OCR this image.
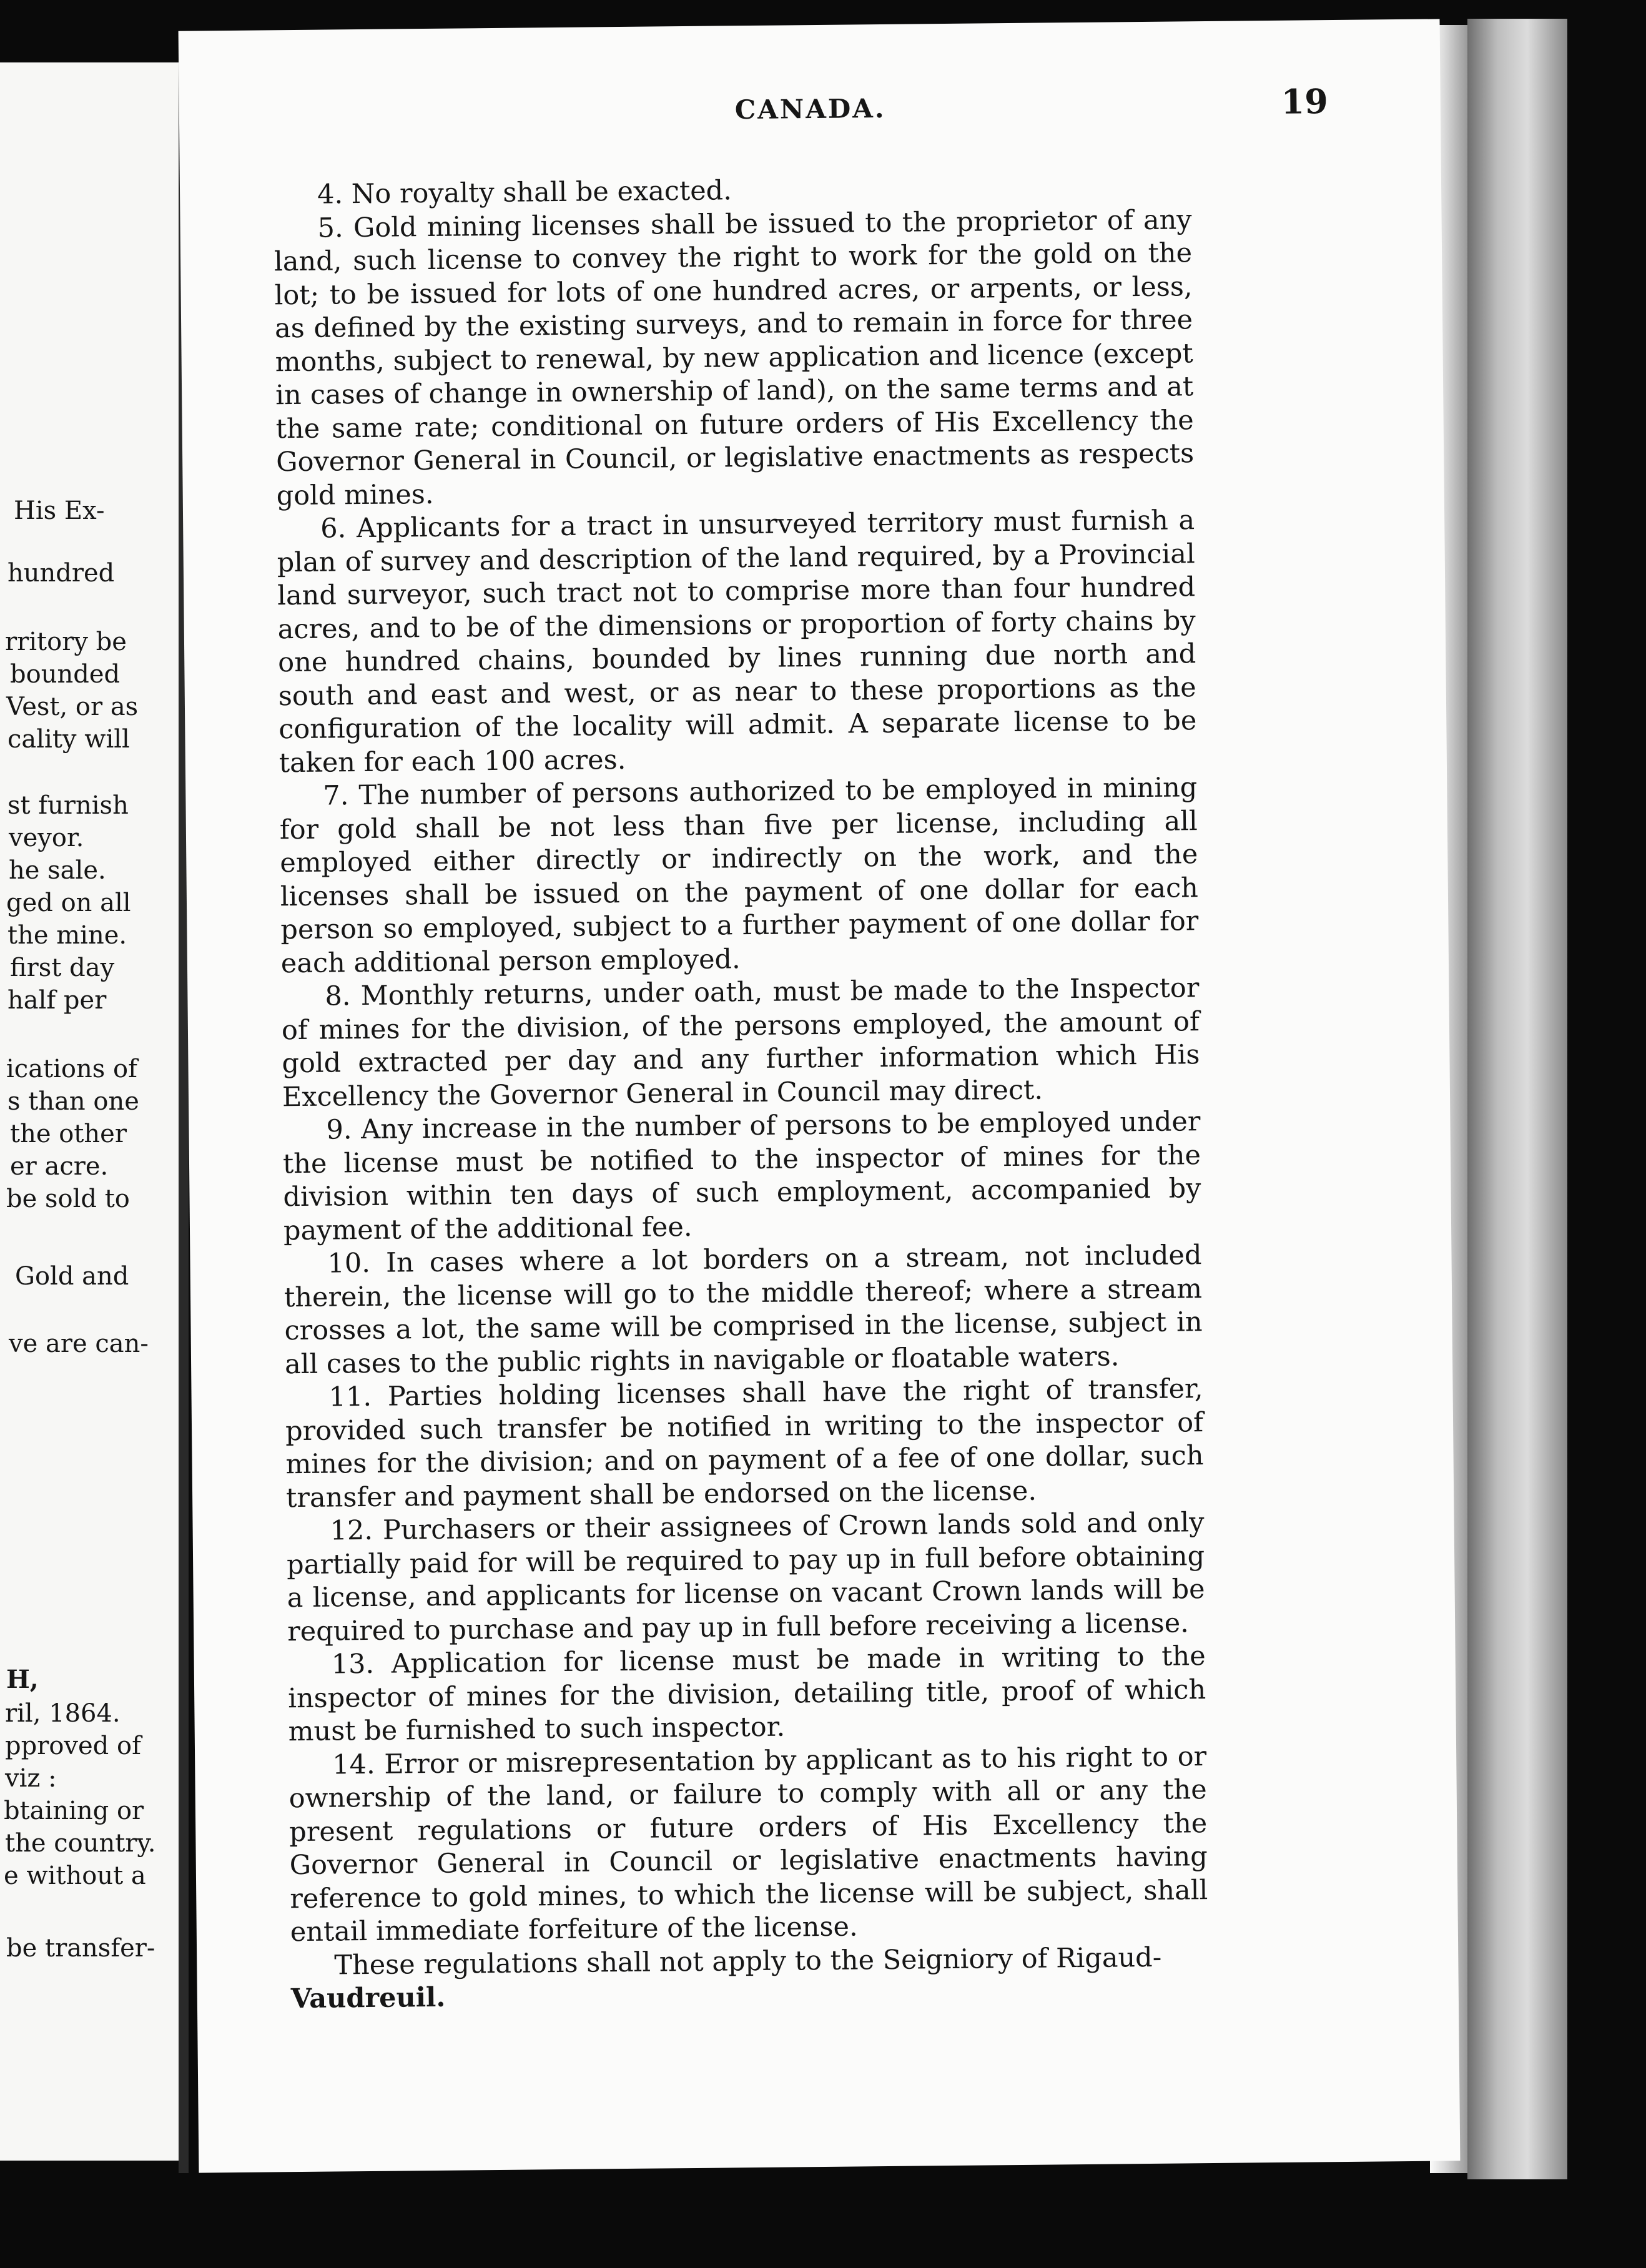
His Ex-
hundred
rritory be
bounded
Vest, or as
cality will
st furnish
veyor.
he sale.
ged on all
the mine.
first day
half per
ications of
s than one
the other
er acre.
be sold to
Gold and
ve are can-
H,
ril, 1864.
pproved of
viz :
btaining or
the country.
e without a
be transfer-
CANADA.	19

4. No royalty shall be exacted.

5. Gold mining licenses shall be issued to the proprietor of any land, such license to convey the right to work for the gold on the lot; to be issued for lots of one hundred acres, or arpents, or less, as defined by the existing surveys, and to remain in force for three months, subject to renewal, by new application and licence (except in cases of change in ownership of land), on the same terms and at the same rate; conditional on future orders of His Excellency the Governor General in Council, or legislative enactments as respects gold mines.

6. Applicants for a tract in unsurveyed territory must furnish a plan of survey and description of the land required, by a Provincial land surveyor, such tract not to comprise more than four hundred acres, and to be of the dimensions or proportion of forty chains by one hundred chains, bounded by lines running due north and south and east and west, or as near to these proportions as the configuration of the locality will admit. A separate license to be taken for each 100 acres.

7. The number of persons authorized to be employed in mining for gold shall be not less than five per license, including all employed either directly or indirectly on the work, and the licenses shall be issued on the payment of one dollar for each person so employed, subject to a further payment of one dollar for each additional person employed.

8. Monthly returns, under oath, must be made to the Inspector of mines for the division, of the persons employed, the amount of gold extracted per day and any further information which His Excellency the Governor General in Council may direct.

9. Any increase in the number of persons to be employed under the license must be notified to the inspector of mines for the division within ten days of such employment, accompanied by payment of the additional fee.

10. In cases where a lot borders on a stream, not included therein, the license will go to the middle thereof; where a stream crosses a lot, the same will be comprised in the license, subject in all cases to the public rights in navigable or floatable waters.

11. Parties holding licenses shall have the right of transfer, provided such transfer be notified in writing to the inspector of mines for the division; and on payment of a fee of one dollar, such transfer and payment shall be endorsed on the license.

12. Purchasers or their assignees of Crown lands sold and only partially paid for will be required to pay up in full before obtaining a license, and applicants for license on vacant Crown lands will be required to purchase and pay up in full before receiving a license.

13. Application for license must be made in writing to the inspector of mines for the division, detailing title, proof of which must be furnished to such inspector.

14. Error or misrepresentation by applicant as to his right to or ownership of the land, or failure to comply with all or any the present regulations or future orders of His Excellency the Governor General in Council or legislative enactments having reference to gold mines, to which the license will be subject, shall entail immediate forfeiture of the license.

These regulations shall not apply to the Seigniory of Rigaud-
Vaudreuil.
